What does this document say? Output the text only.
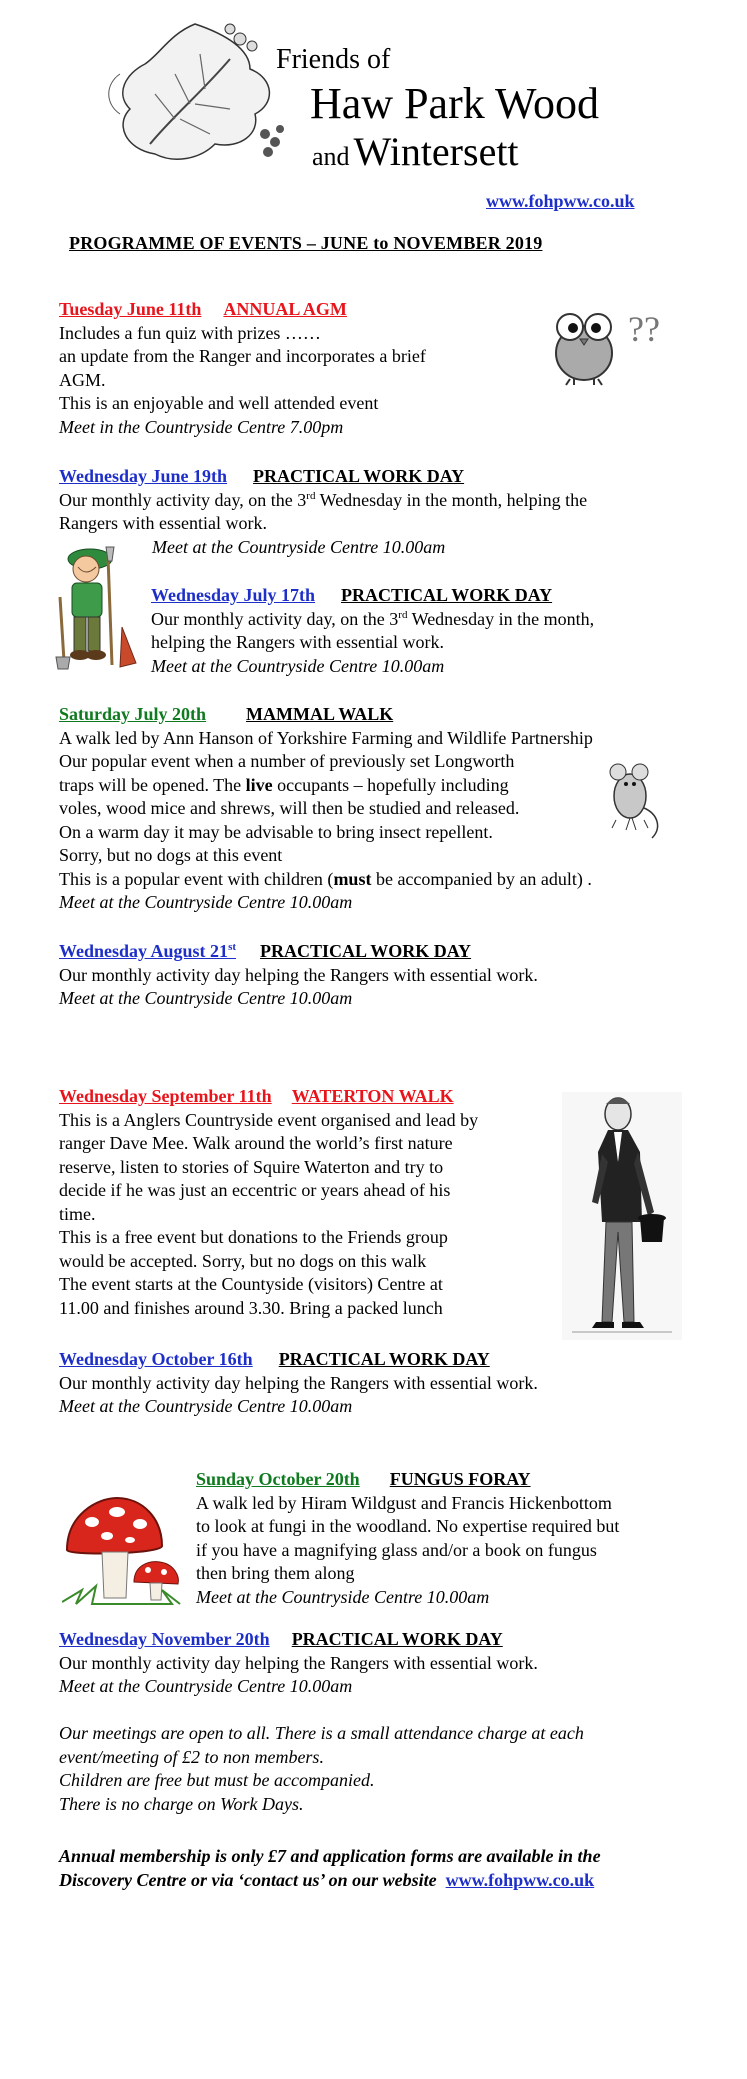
Friends of
Haw Park Wood
and Wintersett
www.fohpww.co.uk
PROGRAMME OF EVENTS – JUNE to NOVEMBER 2019

Tuesday June 11th ANNUAL AGM

Includes a fun quiz with prizes ……

an update from the Ranger and incorporates a brief

AGM.

This is an enjoyable and well attended event

Meet in the Countryside Centre 7.00pm

??

Wednesday June 19th PRACTICAL WORK DAY

Our monthly activity day, on the 3rd Wednesday in the month, helping the

Rangers with essential work.

Meet at the Countryside Centre 10.00am

Wednesday July 17th PRACTICAL WORK DAY

Our monthly activity day, on the 3rd Wednesday in the month,

helping the Rangers with essential work.

Meet at the Countryside Centre 10.00am

Saturday July 20th MAMMAL WALK

A walk led by Ann Hanson of Yorkshire Farming and Wildlife Partnership

Our popular event when a number of previously set Longworth

traps will be opened. The live occupants – hopefully including

voles, wood mice and shrews, will then be studied and released.

On a warm day it may be advisable to bring insect repellent.

Sorry, but no dogs at this event

This is a popular event with children (must be accompanied by an adult) .

Meet at the Countryside Centre 10.00am

Wednesday August 21st PRACTICAL WORK DAY

Our monthly activity day helping the Rangers with essential work.

Meet at the Countryside Centre 10.00am

Wednesday September 11th WATERTON WALK

This is a Anglers Countryside event organised and lead by

ranger Dave Mee. Walk around the world’s first nature

reserve, listen to stories of Squire Waterton and try to

decide if he was just an eccentric or years ahead of his

time.

This is a free event but donations to the Friends group

would be accepted. Sorry, but no dogs on this walk

The event starts at the Countyside (visitors) Centre at

11.00 and finishes around 3.30. Bring a packed lunch

Wednesday October 16th PRACTICAL WORK DAY

Our monthly activity day helping the Rangers with essential work.

Meet at the Countryside Centre 10.00am

Sunday October 20th FUNGUS FORAY

A walk led by Hiram Wildgust and Francis Hickenbottom

to look at fungi in the woodland. No expertise required but

if you have a magnifying glass and/or a book on fungus

then bring them along

Meet at the Countryside Centre 10.00am

Wednesday November 20th PRACTICAL WORK DAY

Our monthly activity day helping the Rangers with essential work.

Meet at the Countryside Centre 10.00am

Our meetings are open to all. There is a small attendance charge at each

event/meeting of £2 to non members.

Children are free but must be accompanied.

There is no charge on Work Days.

Annual membership is only £7 and application forms are available in the

Discovery Centre or via ‘contact us’ on our website www.fohpww.co.uk
